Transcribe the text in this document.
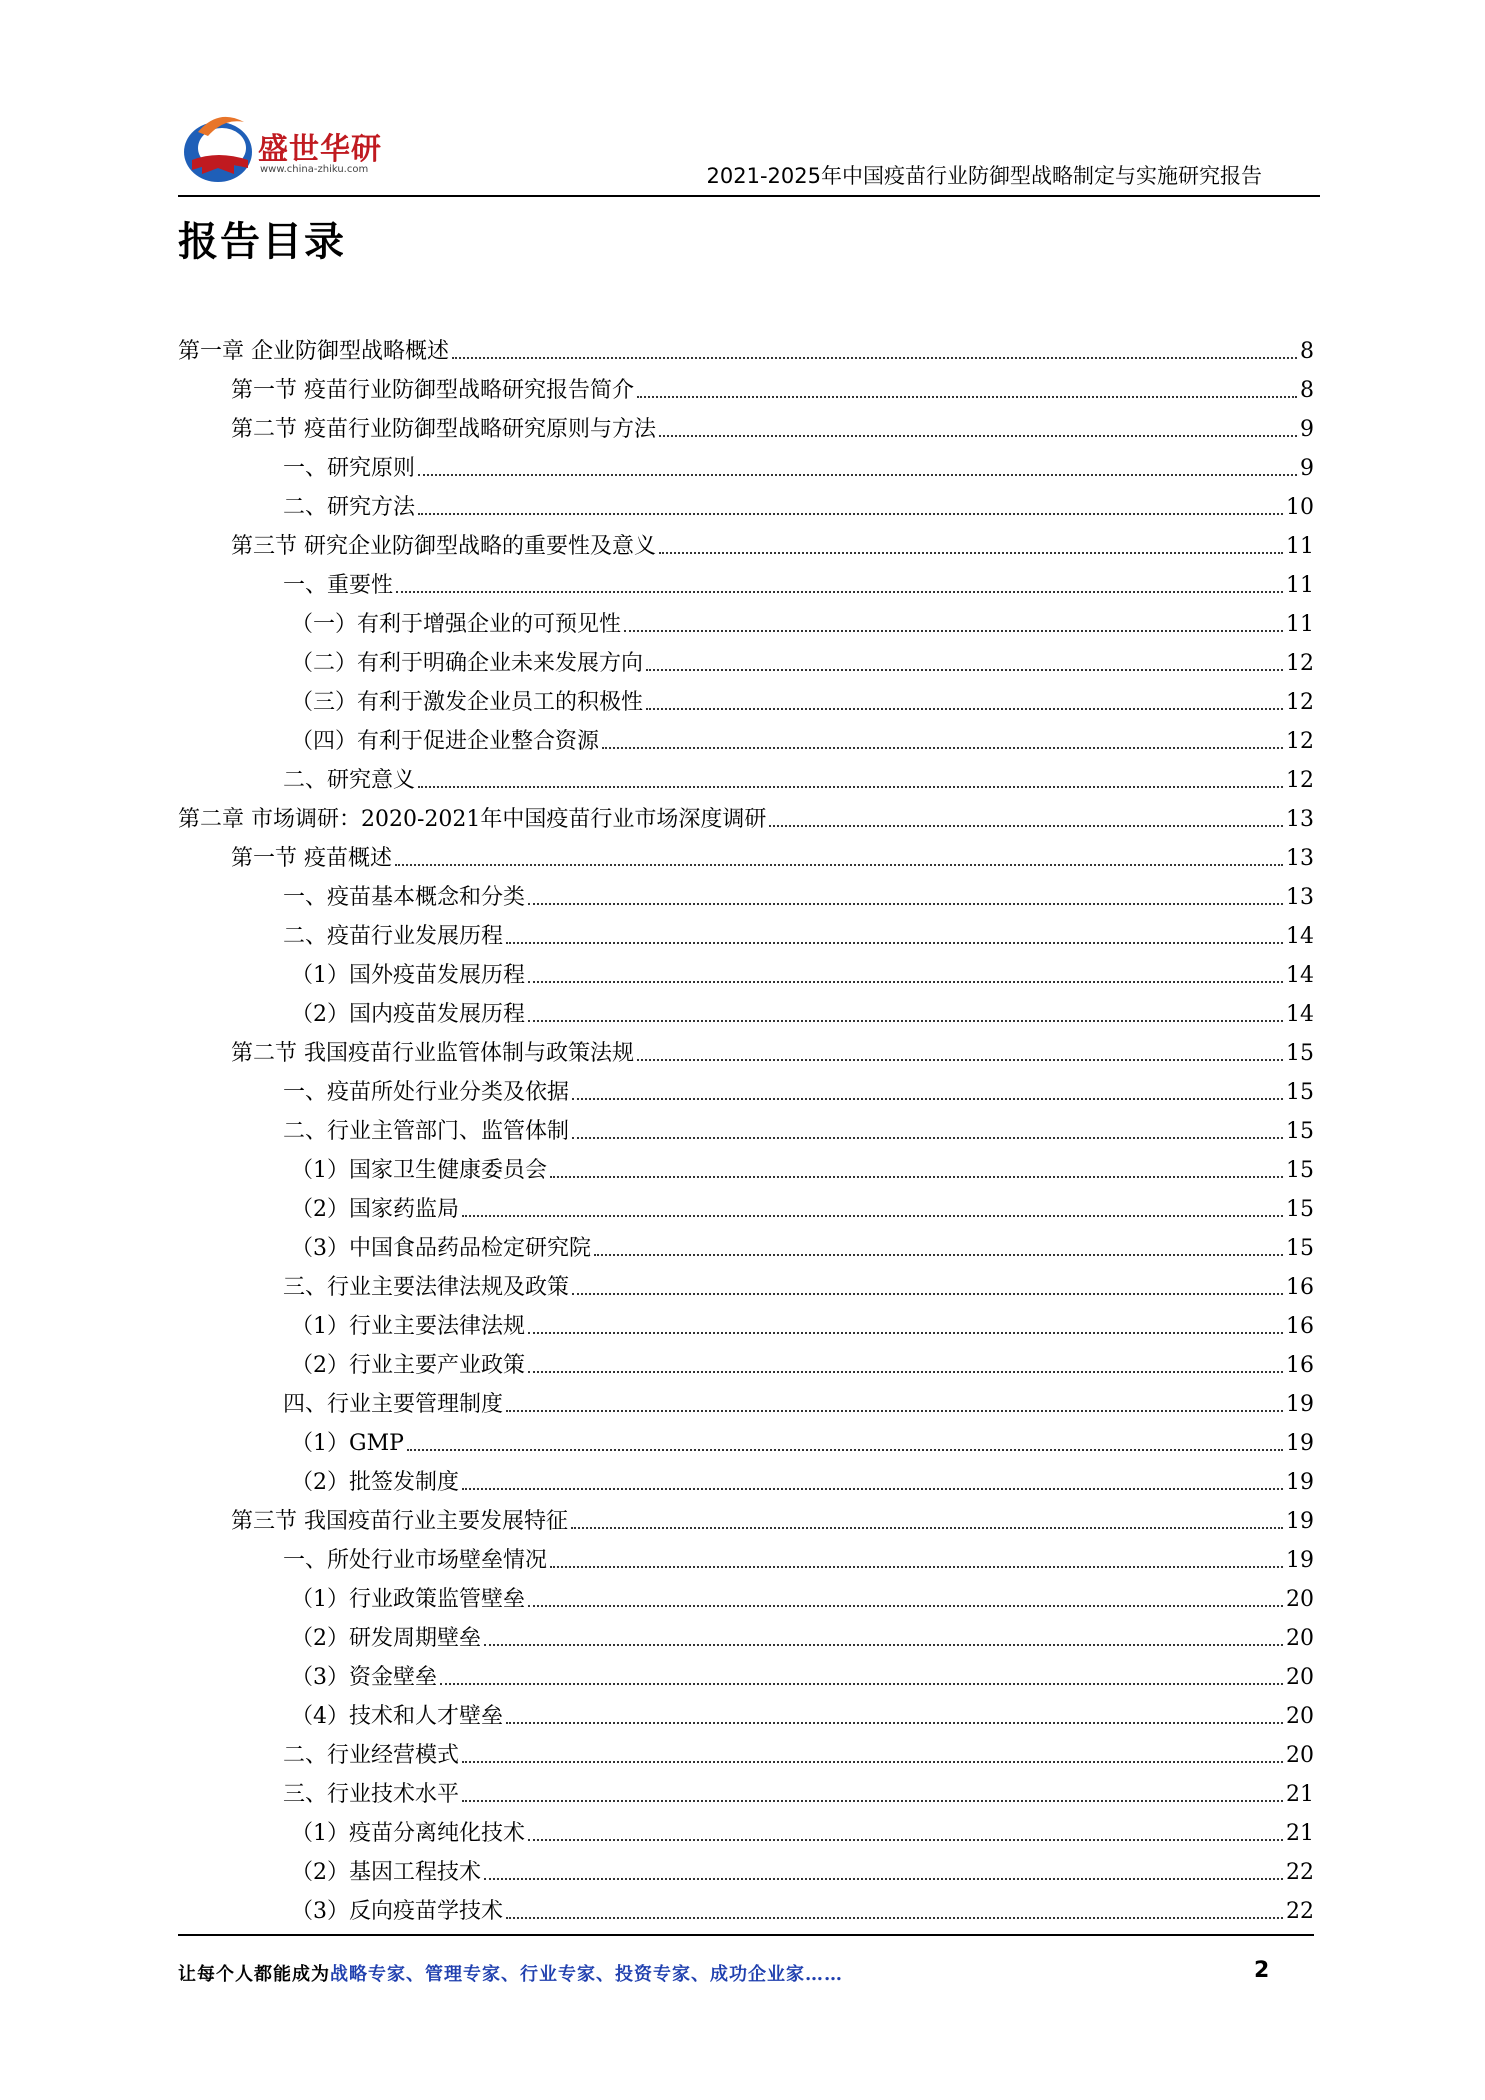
盛世华研
www.china-zhiku.com	2021-2025年中国疫苗行业防御型战略制定与实施研究报告
报告目录
第一章 企业防御型战略概述	8
第一节 疫苗行业防御型战略研究报告简介	8
第二节 疫苗行业防御型战略研究原则与方法	9
一、研究原则	9
二、研究方法	10
第三节 研究企业防御型战略的重要性及意义	11
一、重要性	11
（一）有利于增强企业的可预见性	11
（二）有利于明确企业未来发展方向	12
（三）有利于激发企业员工的积极性	12
（四）有利于促进企业整合资源	12
二、研究意义	12
第二章 市场调研：2020-2021年中国疫苗行业市场深度调研	13
第一节 疫苗概述	13
一、疫苗基本概念和分类	13
二、疫苗行业发展历程	14
（1）国外疫苗发展历程	14
（2）国内疫苗发展历程	14
第二节 我国疫苗行业监管体制与政策法规	15
一、疫苗所处行业分类及依据	15
二、行业主管部门、监管体制	15
（1）国家卫生健康委员会	15
（2）国家药监局	15
（3）中国食品药品检定研究院	15
三、行业主要法律法规及政策	16
（1）行业主要法律法规	16
（2）行业主要产业政策	16
四、行业主要管理制度	19
（1）GMP	19
（2）批签发制度	19
第三节 我国疫苗行业主要发展特征	19
一、所处行业市场壁垒情况	19
（1）行业政策监管壁垒	20
（2）研发周期壁垒	20
（3）资金壁垒	20
（4）技术和人才壁垒	20
二、行业经营模式	20
三、行业技术水平	21
（1）疫苗分离纯化技术	21
（2）基因工程技术	22
（3）反向疫苗学技术	22
让每个人都能成为战略专家、管理专家、行业专家、投资专家、成功企业家……	2
